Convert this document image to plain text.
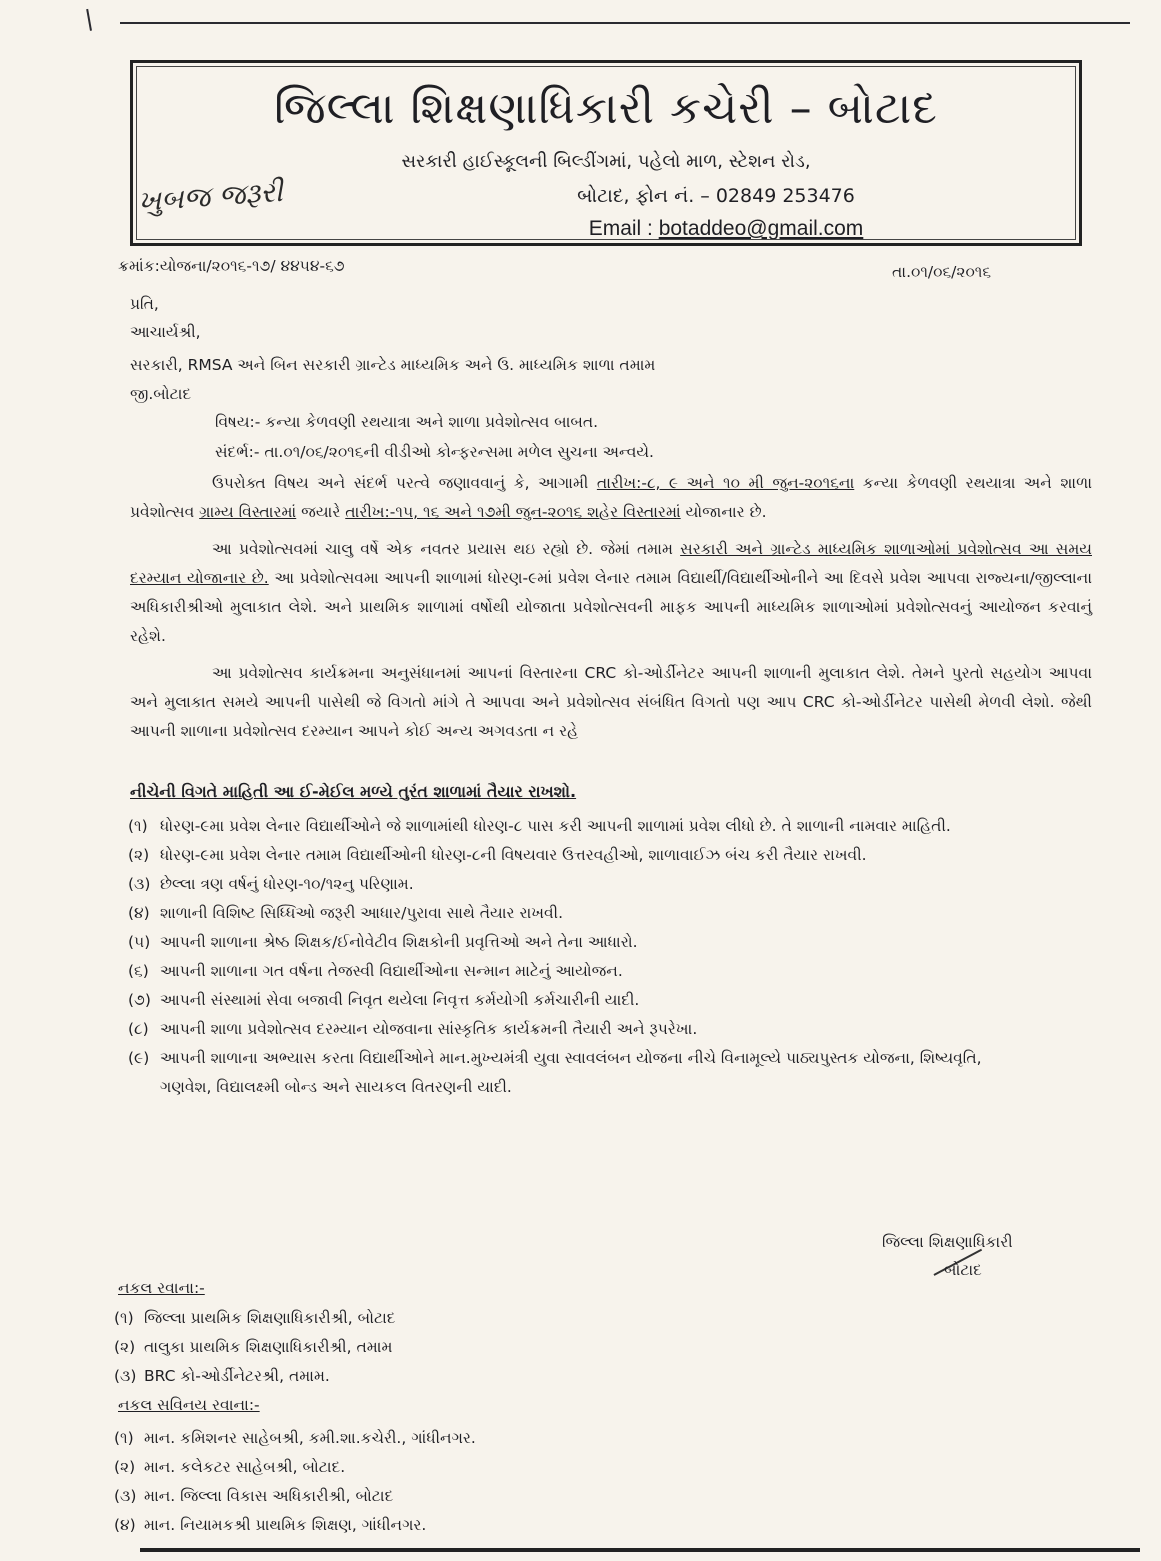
જિલ્લા શિક્ષણાધિકારી કચેરી – બોટાદ
સરકારી હાઈસ્કૂલની બિલ્ડીંગમાં, પહેલો માળ, સ્ટેશન રોડ,
બોટાદ, ફોન નં. – 02849 253476
Email : botaddeo@gmail.com
ખુબજ જરૂરી
ક્રમાંક:યોજના/૨૦૧૬-૧૭/ ૪૪૫૪-૬૭	તા.૦૧/૦૬/૨૦૧૬
પ્રતિ,
આચાર્યશ્રી,
સરકારી, RMSA અને બિન સરકારી ગ્રાન્ટેડ માધ્યમિક અને ઉ. માધ્યમિક શાળા તમામ
જી.બોટાદ
વિષય:- કન્યા કેળવણી રથયાત્રા અને શાળા પ્રવેશોત્સવ બાબત.
સંદર્ભ:- તા.૦૧/૦૬/૨૦૧૬ની વીડીઓ કોન્ફરન્સમા મળેલ સુચના અન્વયે.
ઉપરોક્ત વિષય અને સંદર્ભ પરત્વે જણાવવાનું કે, આગામી તારીખ:-૮, ૯ અને ૧૦ મી જુન-૨૦૧૬ના કન્યા કેળવણી રથયાત્રા અને શાળા પ્રવેશોત્સવ ગ્રામ્ય વિસ્તારમાં જયારે તારીખ:-૧૫, ૧૬ અને ૧૭મી જુન-૨૦૧૬ શહેર વિસ્તારમાં યોજાનાર છે.
આ પ્રવેશોત્સવમાં ચાલુ વર્ષે એક નવતર પ્રયાસ થઇ રહ્યો છે. જેમાં તમામ સરકારી અને ગ્રાન્ટેડ માધ્યમિક શાળાઓમાં પ્રવેશોત્સવ આ સમય દરમ્યાન યોજાનાર છે. આ પ્રવેશોત્સવમા આપની શાળામાં ધોરણ-૯માં પ્રવેશ લેનાર તમામ વિદ્યાર્થી/વિદ્યાર્થીઓનીને આ દિવસે પ્રવેશ આપવા રાજ્યના/જીલ્લાના અધિકારીશ્રીઓ મુલાકાત લેશે. અને પ્રાથમિક શાળામાં વર્ષોથી યોજાતા પ્રવેશોત્સવની માફક આપની માધ્યમિક શાળાઓમાં પ્રવેશોત્સવનું આયોજન કરવાનું રહેશે.
આ પ્રવેશોત્સવ કાર્યક્રમના અનુસંધાનમાં આપનાં વિસ્તારના CRC કો-ઓર્ડીનેટર આપની શાળાની મુલાકાત લેશે. તેમને પુરતો સહયોગ આપવા અને મુલાકાત સમયે આપની પાસેથી જે વિગતો માંગે તે આપવા અને પ્રવેશોત્સવ સંબંધિત વિગતો પણ આપ CRC કો-ઓર્ડીનેટર પાસેથી મેળવી લેશો. જેથી આપની શાળાના પ્રવેશોત્સવ દરમ્યાન આપને કોઈ અન્ય અગવડતા ન રહે
નીચેની વિગતે માહિતી આ ઈ-મેઈલ મળ્યે તુરંત શાળામાં તૈયાર રાખશો.
(૧) ધોરણ-૯મા પ્રવેશ લેનાર વિદ્યાર્થીઓને જે શાળામાંથી ધોરણ-૮ પાસ કરી આપની શાળામાં પ્રવેશ લીધો છે. તે શાળાની નામવાર માહિતી.
(૨) ધોરણ-૯મા પ્રવેશ લેનાર તમામ વિદ્યાર્થીઓની ધોરણ-૮ની વિષયવાર ઉત્તરવહીઓ, શાળાવાઈઝ બંચ કરી તૈયાર રાખવી.
(૩) છેલ્લા ત્રણ વર્ષનું ધોરણ-૧૦/૧૨નુ પરિણામ.
(૪) શાળાની વિશિષ્ટ સિધ્ધિઓ જરૂરી આધાર/પુરાવા સાથે તૈયાર રાખવી.
(૫) આપની શાળાના શ્રેષ્ઠ શિક્ષક/ઈનોવેટીવ શિક્ષકોની પ્રવૃત્તિઓ અને તેના આધારો.
(૬) આપની શાળાના ગત વર્ષના તેજસ્વી વિદ્યાર્થીઓના સન્માન માટેનું આયોજન.
(૭) આપની સંસ્થામાં સેવા બજાવી નિવૃત થયેલા નિવૃત્ત કર્મયોગી કર્મચારીની યાદી.
(૮) આપની શાળા પ્રવેશોત્સવ દરમ્યાન યોજવાના સાંસ્કૃતિક કાર્યક્રમની તૈયારી અને રૂપરેખા.
(૯) આપની શાળાના અભ્યાસ કરતા વિદ્યાર્થીઓને માન.મુખ્યમંત્રી યુવા સ્વાવલંબન યોજના નીચે વિનામૂલ્યે પાઠ્યપુસ્તક યોજના, શિષ્યવૃતિ, ગણવેશ, વિદ્યાલક્ષ્મી બોન્ડ અને સાયકલ વિતરણની યાદી.
જિલ્લા શિક્ષણાધિકારી
બોટાદ
નકલ રવાના:-
(૧) જિલ્લા પ્રાથમિક શિક્ષણાધિકારીશ્રી, બોટાદ
(૨) તાલુકા પ્રાથમિક શિક્ષણાધિકારીશ્રી, તમામ
(૩) BRC કો-ઓર્ડીનેટરશ્રી, તમામ.
નકલ સવિનય રવાના:-
(૧) માન. કમિશનર સાહેબશ્રી, કમી.શા.કચેરી., ગાંધીનગર.
(૨) માન. કલેકટર સાહેબશ્રી, બોટાદ.
(૩) માન. જિલ્લા વિકાસ અધિકારીશ્રી, બોટાદ
(૪) માન. નિયામકશ્રી પ્રાથમિક શિક્ષણ, ગાંધીનગર.
